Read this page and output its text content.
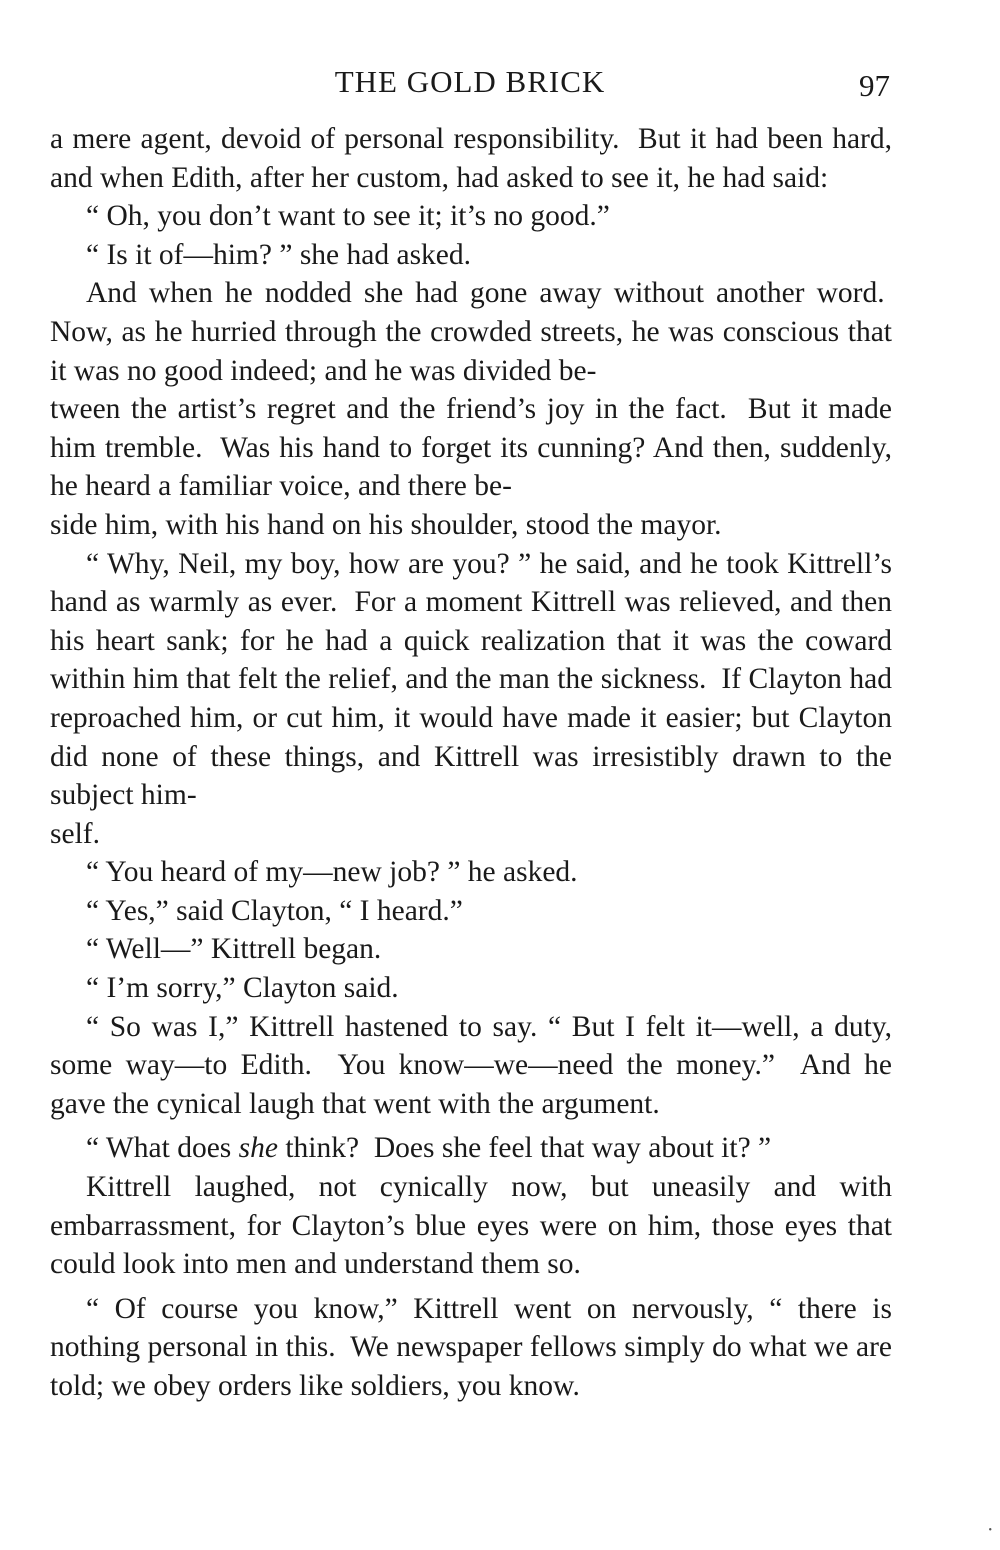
THE GOLD BRICK	97

a mere agent, devoid of personal responsibility.  But it had been hard, and when Edith, after her custom, had asked to see it, he had said:

“ Oh, you don’t want to see it; it’s no good.”

“ Is it of—him? ” she had asked.

And when he nodded she had gone away without another word.  Now, as he hurried through the crowded streets, he was conscious that it was no good indeed; and he was divided be-
tween the artist’s regret and the friend’s joy in the fact.  But it made him tremble.  Was his hand to forget its cunning? And then, suddenly, he heard a familiar voice, and there be-
side him, with his hand on his shoulder, stood the mayor.

“ Why, Neil, my boy, how are you? ” he said, and he took Kittrell’s hand as warmly as ever.  For a moment Kittrell was relieved, and then his heart sank; for he had a quick realization that it was the coward within him that felt the relief, and the man the sickness.  If Clayton had reproached him, or cut him, it would have made it easier; but Clayton did none of these things, and Kittrell was irresistibly drawn to the subject him-
self.

“ You heard of my—new job? ” he asked.

“ Yes,” said Clayton, “ I heard.”

“ Well—” Kittrell began.

“ I’m sorry,” Clayton said.

“ So was I,” Kittrell hastened to say. “ But I felt it—well, a duty, some way—to Edith.  You know—we—need the money.”  And he gave the cynical laugh that went with the argument.

“ What does she think?  Does she feel that way about it? ”

Kittrell laughed, not cynically now, but uneasily and with embarrassment, for Clayton’s blue eyes were on him, those eyes that could look into men and understand them so.

“ Of course you know,” Kittrell went on nervously, “ there is nothing personal in this.  We newspaper fellows simply do what we are told; we obey orders like soldiers, you know.

•
